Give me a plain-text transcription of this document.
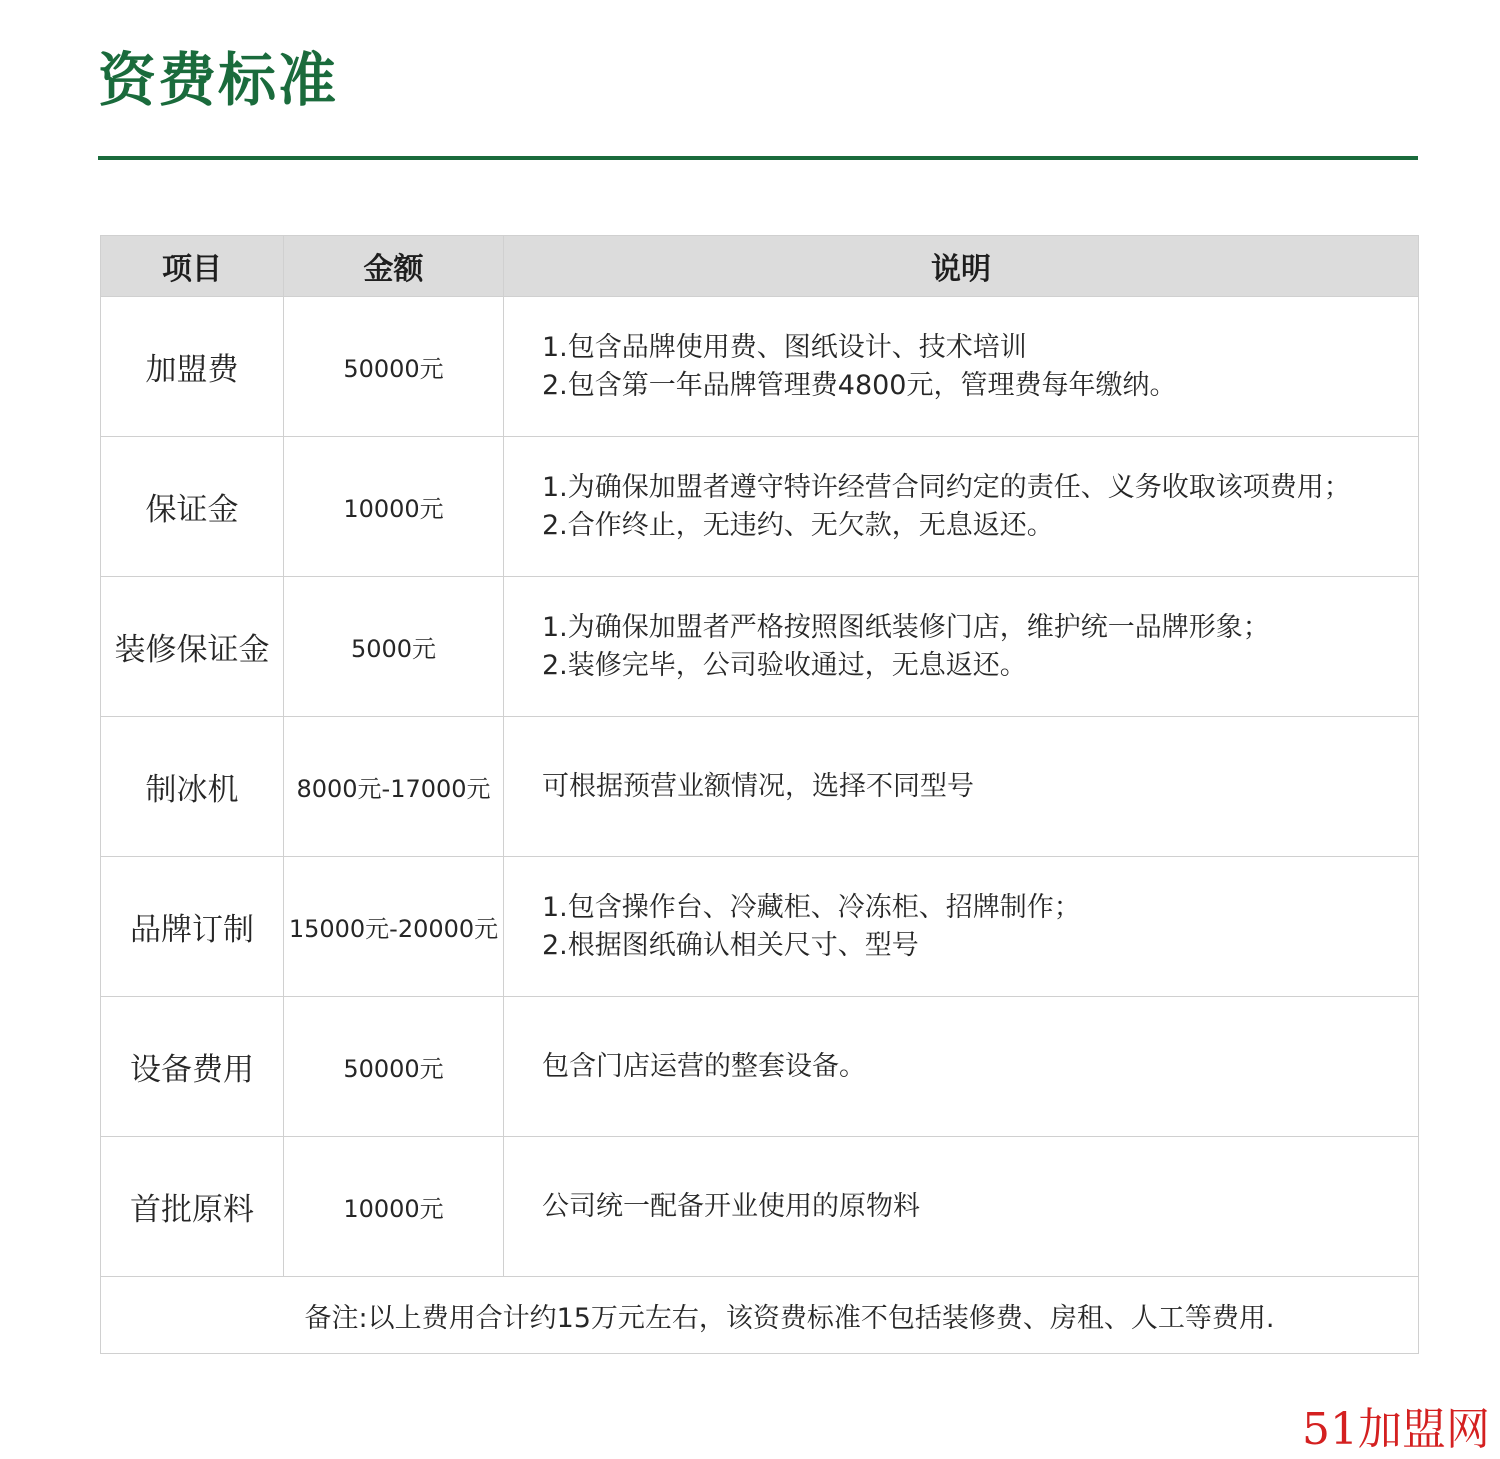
资费标准
项目	金额	说明
加盟费	50000元	1.包含品牌使用费、图纸设计、技术培训
2.包含第一年品牌管理费4800元，管理费每年缴纳。

保证金	10000元	1.为确保加盟者遵守特许经营合同约定的责任、义务收取该项费用；
2.合作终止，无违约、无欠款，无息返还。

装修保证金	5000元	1.为确保加盟者严格按照图纸装修门店，维护统一品牌形象；
2.装修完毕，公司验收通过，无息返还。

制冰机	8000元-17000元	可根据预营业额情况，选择不同型号

品牌订制	15000元-20000元	1.包含操作台、冷藏柜、冷冻柜、招牌制作；
2.根据图纸确认相关尺寸、型号

设备费用	50000元	包含门店运营的整套设备。

首批原料	10000元	公司统一配备开业使用的原物料

备注:以上费用合计约15万元左右，该资费标准不包括装修费、房租、人工等费用.		
51加盟网
